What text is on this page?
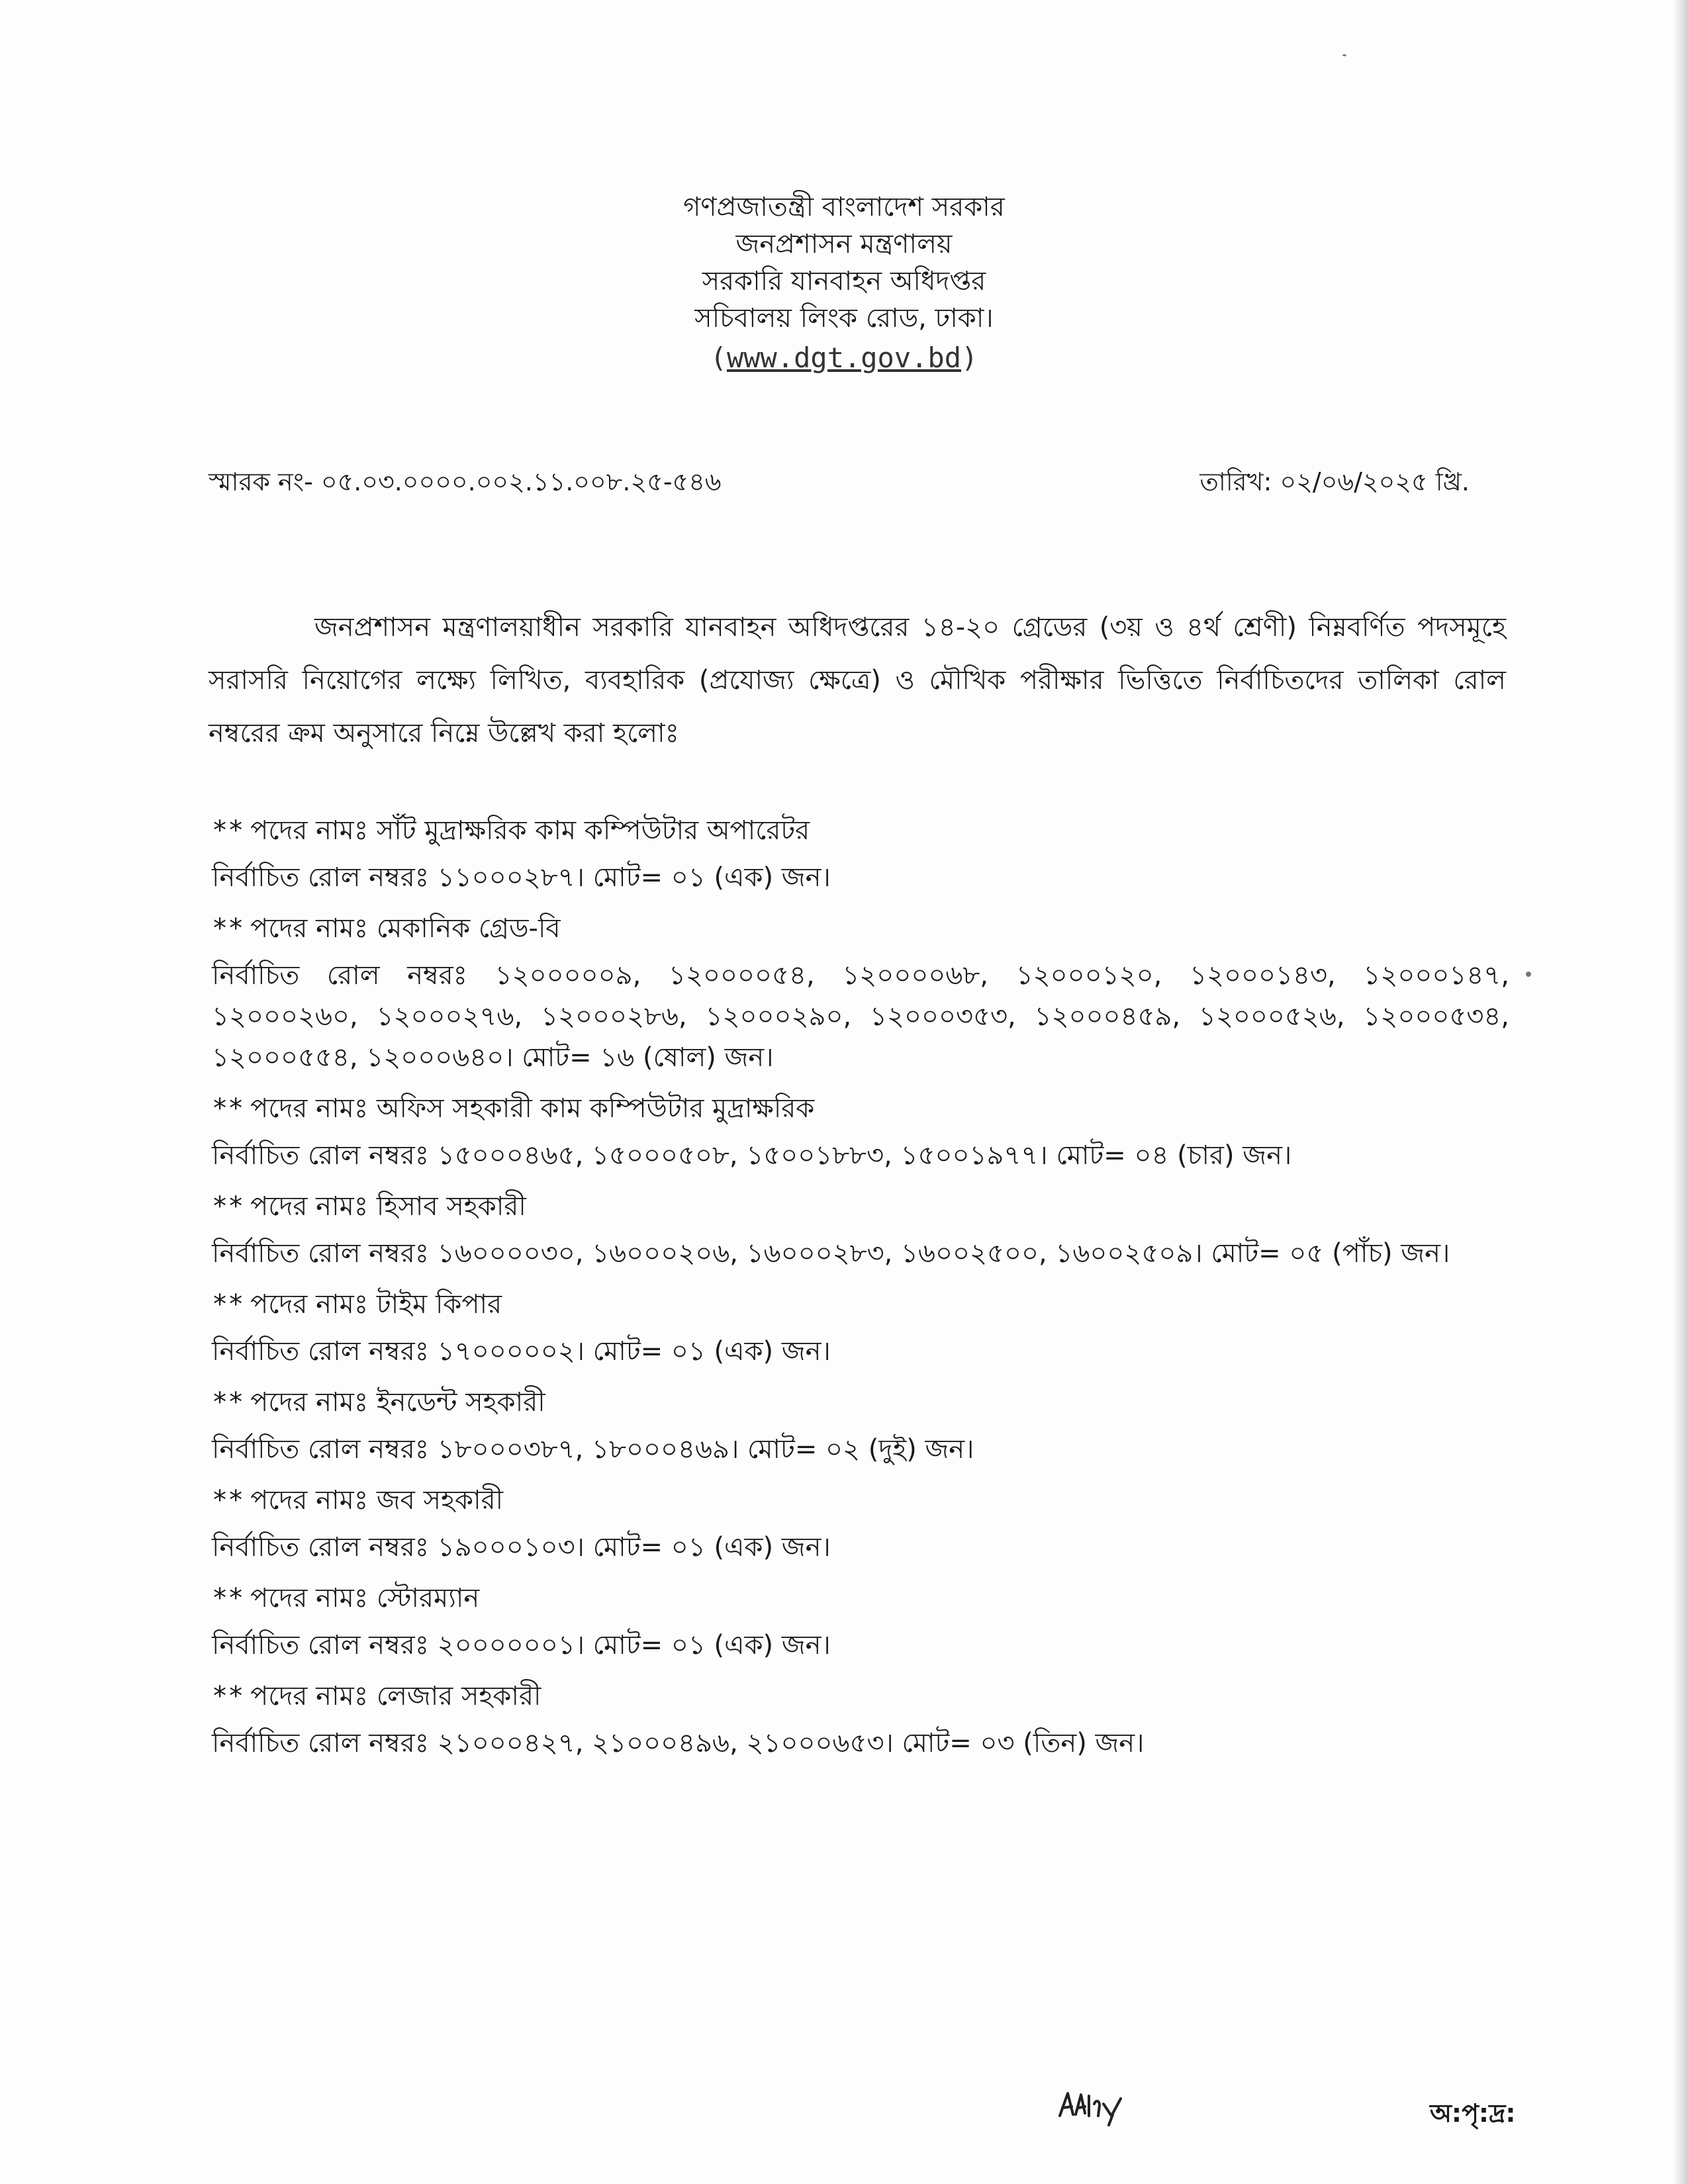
গণপ্রজাতন্ত্রী বাংলাদেশ সরকার

জনপ্রশাসন মন্ত্রণালয়

সরকারি যানবাহন অধিদপ্তর

সচিবালয় লিংক রোড, ঢাকা।

(www.dgt.gov.bd)
স্মারক নং- ০৫.০৩.০০০০.০০২.১১.০০৮.২৫-৫৪৬	তারিখ: ০২/০৬/২০২৫ খ্রি.

জনপ্রশাসন মন্ত্রণালয়াধীন সরকারি যানবাহন অধিদপ্তরের ১৪-২০ গ্রেডের (৩য় ও ৪র্থ শ্রেণী) নিম্নবর্ণিত পদসমূহে সরাসরি নিয়োগের লক্ষ্যে লিখিত, ব্যবহারিক (প্রযোজ্য ক্ষেত্রে) ও মৌখিক পরীক্ষার ভিত্তিতে নির্বাচিতদের তালিকা রোল নম্বরের ক্রম অনুসারে নিম্নে উল্লেখ করা হলোঃ

** পদের নামঃ সাঁট মুদ্রাক্ষরিক কাম কম্পিউটার অপারেটর

নির্বাচিত রোল নম্বরঃ ১১০০০২৮৭। মোট= ০১ (এক) জন।

** পদের নামঃ মেকানিক গ্রেড-বি

নির্বাচিত রোল নম্বরঃ ১২০০০০০৯, ১২০০০০৫৪, ১২০০০০৬৮, ১২০০০১২০, ১২০০০১৪৩, ১২০০০১৪৭, ১২০০০২৬০, ১২০০০২৭৬, ১২০০০২৮৬, ১২০০০২৯০, ১২০০০৩৫৩, ১২০০০৪৫৯, ১২০০০৫২৬, ১২০০০৫৩৪, ১২০০০৫৫৪, ১২০০০৬৪০। মোট= ১৬ (ষোল) জন।

** পদের নামঃ অফিস সহকারী কাম কম্পিউটার মুদ্রাক্ষরিক

নির্বাচিত রোল নম্বরঃ ১৫০০০৪৬৫, ১৫০০০৫০৮, ১৫০০১৮৮৩, ১৫০০১৯৭৭। মোট= ০৪ (চার) জন।

** পদের নামঃ হিসাব সহকারী

নির্বাচিত রোল নম্বরঃ ১৬০০০০৩০, ১৬০০০২০৬, ১৬০০০২৮৩, ১৬০০২৫০০, ১৬০০২৫০৯। মোট= ০৫ (পাঁচ) জন।

** পদের নামঃ টাইম কিপার

নির্বাচিত রোল নম্বরঃ ১৭০০০০০২। মোট= ০১ (এক) জন।

** পদের নামঃ ইনডেন্ট সহকারী

নির্বাচিত রোল নম্বরঃ ১৮০০০৩৮৭, ১৮০০০৪৬৯। মোট= ০২ (দুই) জন।

** পদের নামঃ জব সহকারী

নির্বাচিত রোল নম্বরঃ ১৯০০০১০৩। মোট= ০১ (এক) জন।

** পদের নামঃ স্টোরম্যান

নির্বাচিত রোল নম্বরঃ ২০০০০০০১। মোট= ০১ (এক) জন।

** পদের নামঃ লেজার সহকারী

নির্বাচিত রোল নম্বরঃ ২১০০০৪২৭, ২১০০০৪৯৬, ২১০০০৬৫৩। মোট= ০৩ (তিন) জন।

অ:পৃ:দ্র:
